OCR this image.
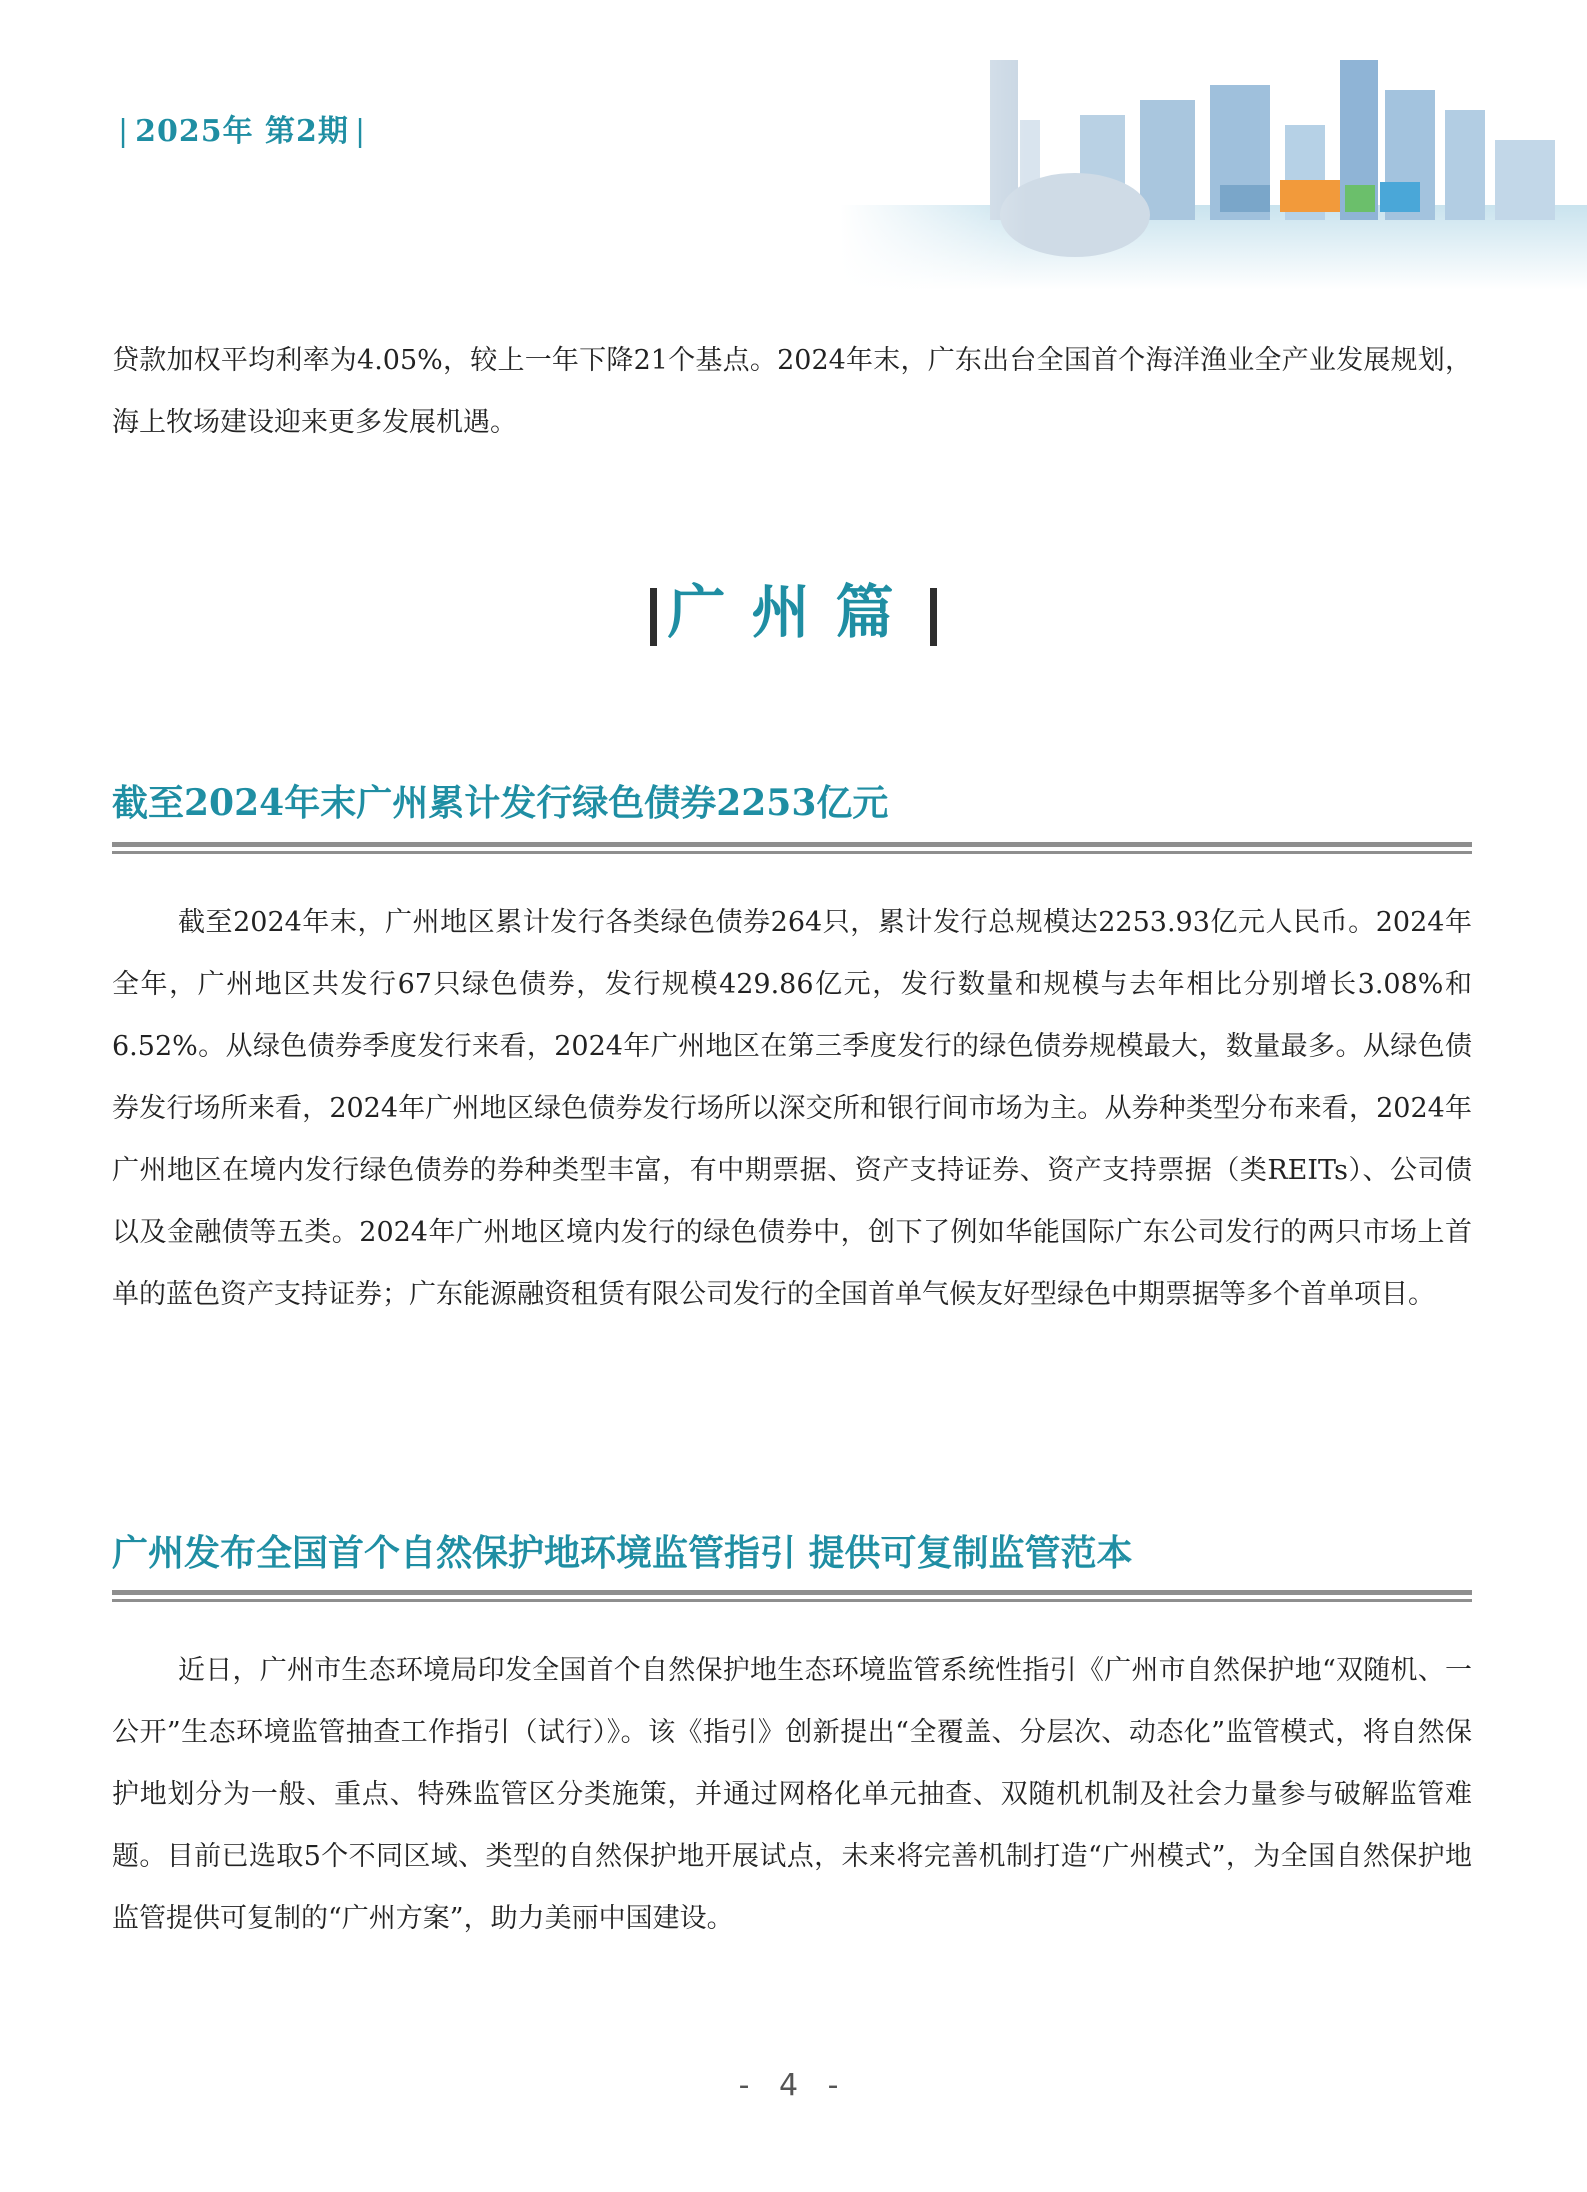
| 2025年 第2期 |

贷款加权平均利率为4.05%，较上一年下降21个基点。2024年末，广东出台全国首个海洋渔业全产业发展规划，海上牧场建设迎来更多发展机遇。

广州篇
截至2024年末广州累计发行绿色债券2253亿元

截至2024年末，广州地区累计发行各类绿色债券264只，累计发行总规模达2253.93亿元人民币。2024年全年，广州地区共发行67只绿色债券，发行规模429.86亿元，发行数量和规模与去年相比分别增长3.08%和6.52%。从绿色债券季度发行来看，2024年广州地区在第三季度发行的绿色债券规模最大，数量最多。从绿色债券发行场所来看，2024年广州地区绿色债券发行场所以深交所和银行间市场为主。从券种类型分布来看，2024年广州地区在境内发行绿色债券的券种类型丰富，有中期票据、资产支持证券、资产支持票据（类REITs）、公司债以及金融债等五类。2024年广州地区境内发行的绿色债券中，创下了例如华能国际广东公司发行的两只市场上首单的蓝色资产支持证券；广东能源融资租赁有限公司发行的全国首单气候友好型绿色中期票据等多个首单项目。

广州发布全国首个自然保护地环境监管指引 提供可复制监管范本

近日，广州市生态环境局印发全国首个自然保护地生态环境监管系统性指引《广州市自然保护地“双随机、一公开”生态环境监管抽查工作指引（试行）》。该《指引》创新提出“全覆盖、分层次、动态化”监管模式，将自然保护地划分为一般、重点、特殊监管区分类施策，并通过网格化单元抽查、双随机机制及社会力量参与破解监管难题。目前已选取5个不同区域、类型的自然保护地开展试点，未来将完善机制打造“广州模式”，为全国自然保护地监管提供可复制的“广州方案”，助力美丽中国建设。

- 4 -
